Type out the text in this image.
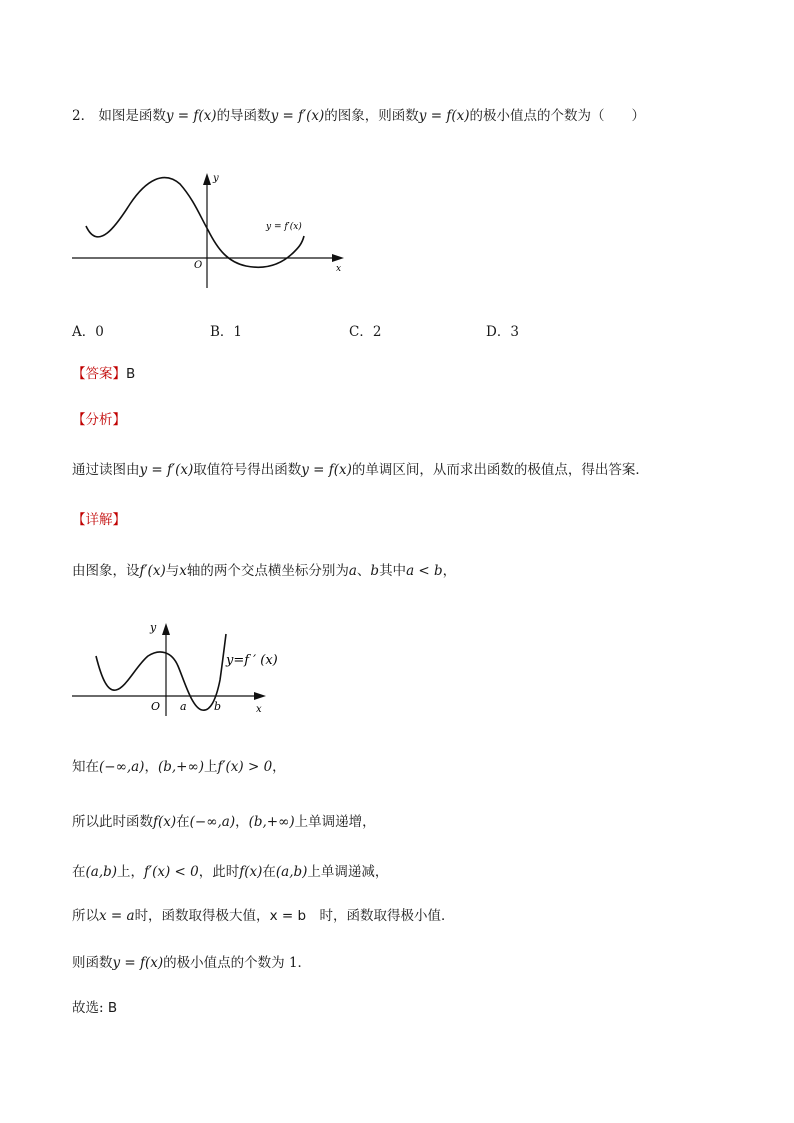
2． 如图是函数y = f(x)的导函数y = f′(x)的图象，则函数y = f(x)的极小值点的个数为（　　）
y
x
O
y = f′(x)
A．0	B．1	C．2	D．3
【答案】B
【分析】
通过读图由y = f′(x)取值符号得出函数y = f(x)的单调区间，从而求出函数的极值点，得出答案．
【详解】
由图象，设f′(x)与x轴的两个交点横坐标分别为a、b其中a < b，
y
x
O a b
y=f ′ (x)
知在(−∞,a)，(b,+∞)上f′(x) > 0，
所以此时函数f(x)在(−∞,a)，(b,+∞)上单调递增，
在(a,b)上，f′(x) < 0，此时f(x)在(a,b)上单调递减，
所以x = a时，函数取得极大值，x = b　时，函数取得极小值．
则函数y = f(x)的极小值点的个数为 1．
故选: B
